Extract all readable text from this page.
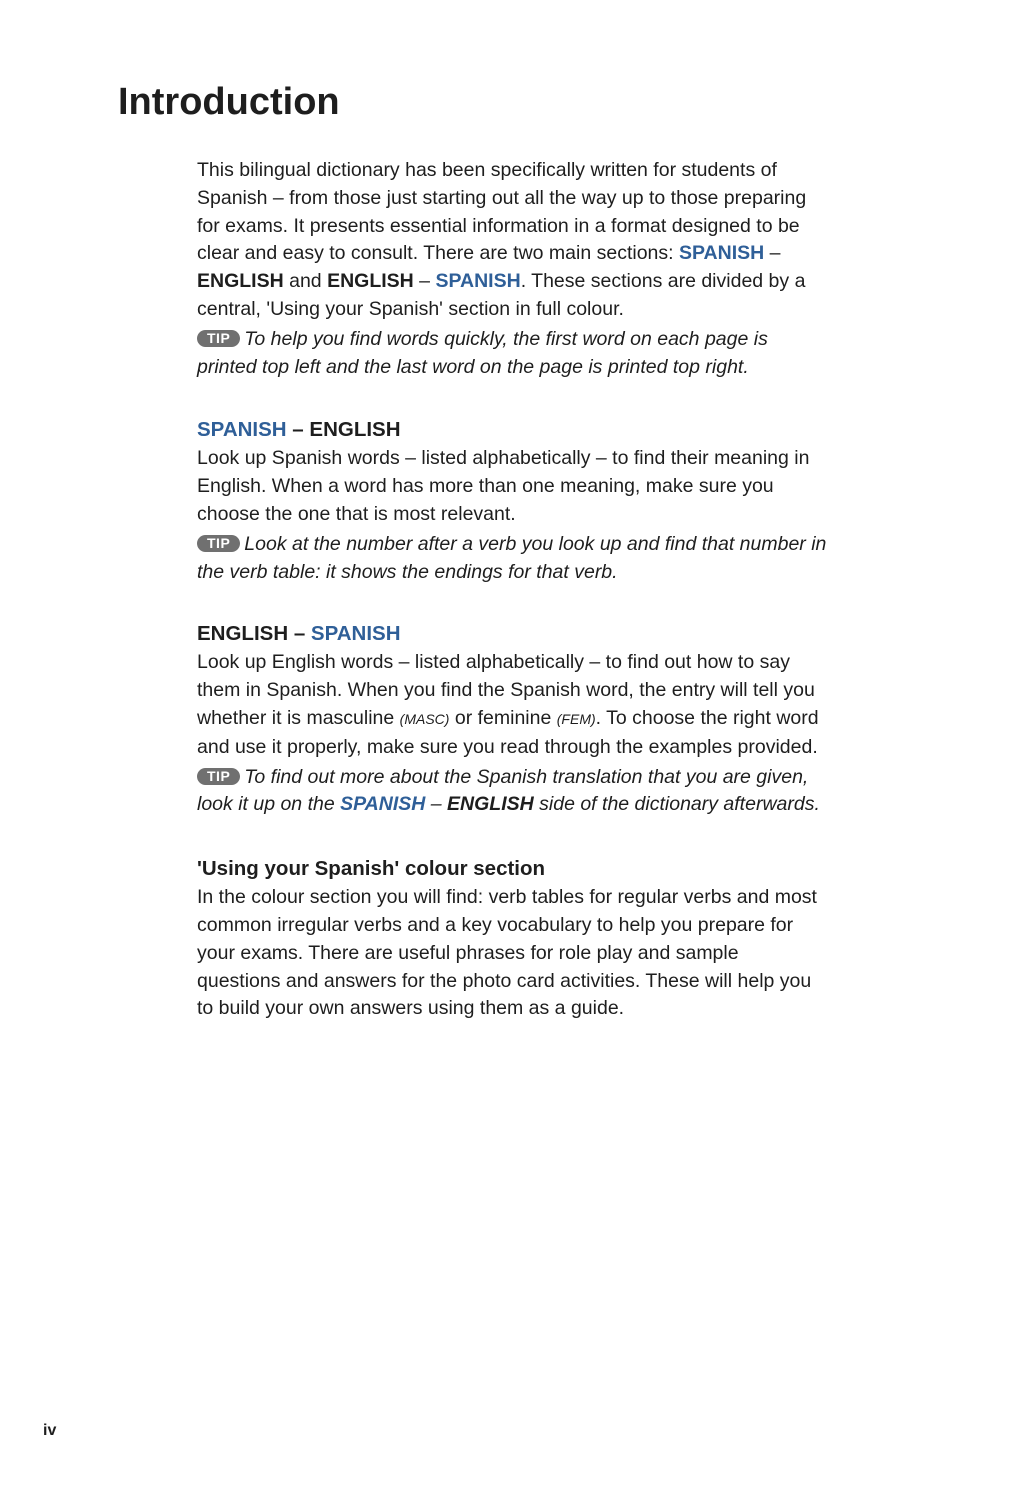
Introduction

This bilingual dictionary has been specifically written for students of Spanish – from those just starting out all the way up to those preparing for exams. It presents essential information in a format designed to be clear and easy to consult. There are two main sections: SPANISH – ENGLISH and ENGLISH – SPANISH. These sections are divided by a central, 'Using your Spanish' section in full colour.

TIP To help you find words quickly, the first word on each page is printed top left and the last word on the page is printed top right.

SPANISH – ENGLISH

Look up Spanish words – listed alphabetically – to find their meaning in English. When a word has more than one meaning, make sure you choose the one that is most relevant.

TIP Look at the number after a verb you look up and find that number in the verb table: it shows the endings for that verb.

ENGLISH – SPANISH

Look up English words – listed alphabetically – to find out how to say them in Spanish. When you find the Spanish word, the entry will tell you whether it is masculine (MASC) or feminine (FEM). To choose the right word and use it properly, make sure you read through the examples provided.

TIP To find out more about the Spanish translation that you are given, look it up on the SPANISH – ENGLISH side of the dictionary afterwards.

'Using your Spanish' colour section

In the colour section you will find: verb tables for regular verbs and most common irregular verbs and a key vocabulary to help you prepare for your exams. There are useful phrases for role play and sample questions and answers for the photo card activities. These will help you to build your own answers using them as a guide.

iv
